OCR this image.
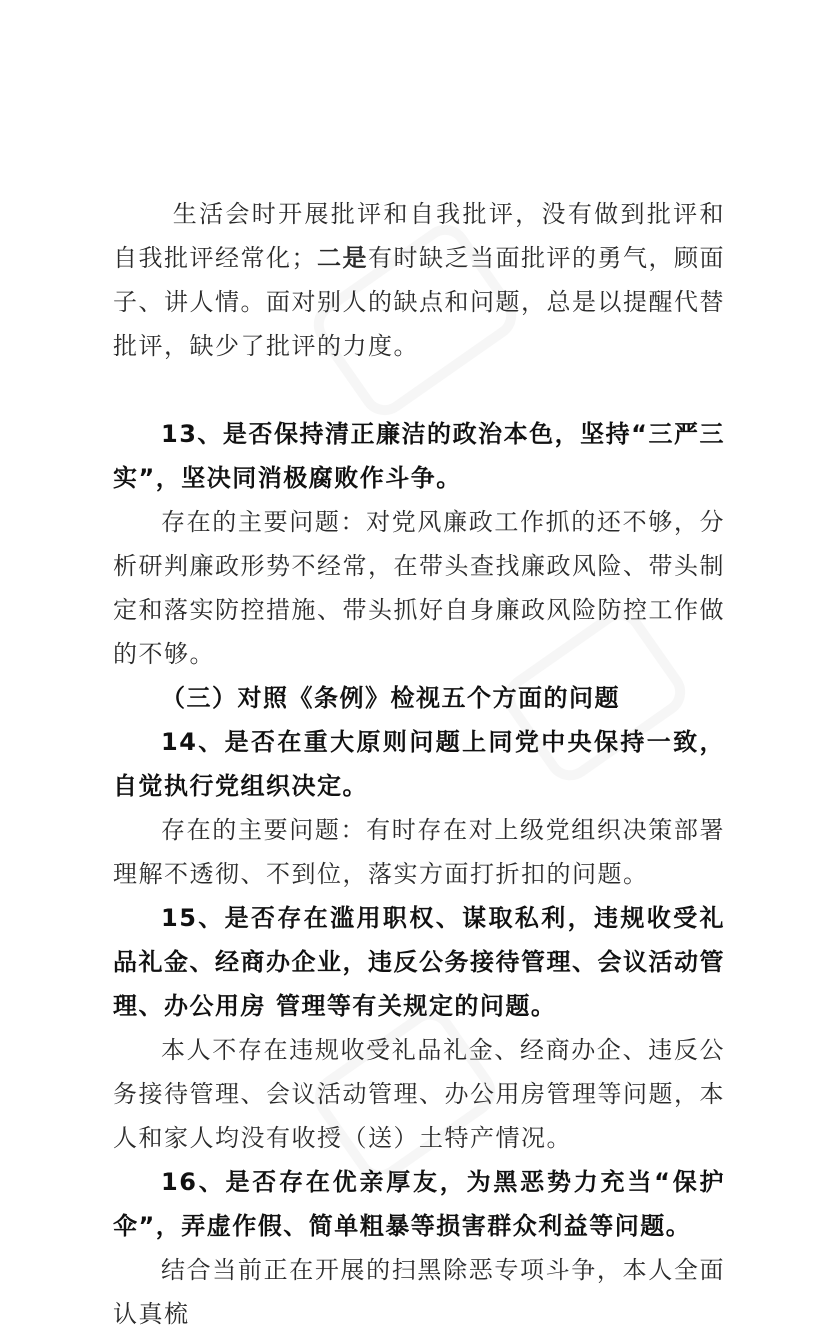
生活会时开展批评和自我批评，没有做到批评和自我批评经常化；二是有时缺乏当面批评的勇气，顾面子、讲人情。面对别人的缺点和问题，总是以提醒代替批评，缺少了批评的力度。

13、是否保持清正廉洁的政治本色，坚持“三严三实”，坚决同消极腐败作斗争。

存在的主要问题：对党风廉政工作抓的还不够，分析研判廉政形势不经常，在带头查找廉政风险、带头制定和落实防控措施、带头抓好自身廉政风险防控工作做的不够。

（三）对照《条例》检视五个方面的问题

14、是否在重大原则问题上同党中央保持一致，自觉执行党组织决定。

存在的主要问题：有时存在对上级党组织决策部署理解不透彻、不到位，落实方面打折扣的问题。

15、是否存在滥用职权、谋取私利，违规收受礼品礼金、经商办企业，违反公务接待管理、会议活动管理、办公用房 管理等有关规定的问题。

本人不存在违规收受礼品礼金、经商办企、违反公务接待管理、会议活动管理、办公用房管理等问题，本人和家人均没有收授（送）土特产情况。

16、是否存在优亲厚友，为黑恶势力充当“保护伞”，弄虚作假、简单粗暴等损害群众利益等问题。

结合当前正在开展的扫黑除恶专项斗争，本人全面认真梳
